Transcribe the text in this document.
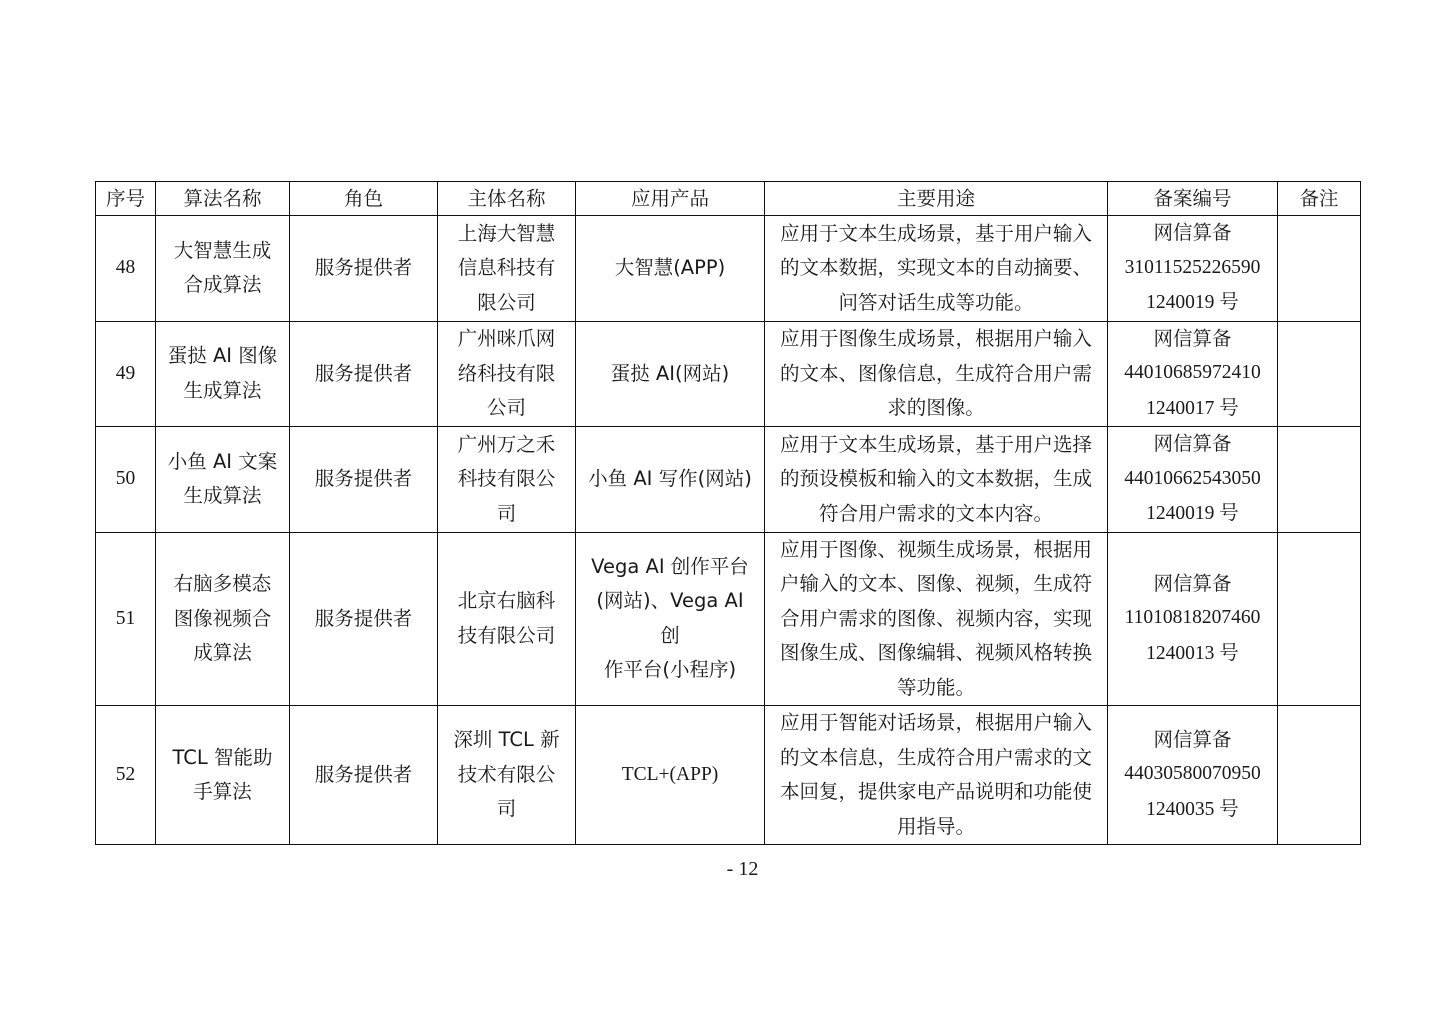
序号	算法名称	角色	主体名称	应用产品	主要用途	备案编号	备注
48	大智慧生成
合成算法	服务提供者	上海大智慧
信息科技有
限公司	大智慧(APP)	应用于文本生成场景，基于用户输入
的文本数据，实现文本的自动摘要、
问答对话生成等功能。	网信算备
31011525226590
1240019 号	

49	蛋挞 AI 图像
生成算法	服务提供者	广州咪爪网
络科技有限
公司	蛋挞 AI(网站)	应用于图像生成场景，根据用户输入
的文本、图像信息，生成符合用户需
求的图像。	网信算备
44010685972410
1240017 号	

50	小鱼 AI 文案
生成算法	服务提供者	广州万之禾
科技有限公
司	小鱼 AI 写作(网站)	应用于文本生成场景，基于用户选择
的预设模板和输入的文本数据，生成
符合用户需求的文本内容。	网信算备
44010662543050
1240019 号	

51	右脑多模态
图像视频合
成算法	服务提供者	北京右脑科
技有限公司	Vega AI 创作平台
(网站)、Vega AI 创
作平台(小程序)	应用于图像、视频生成场景，根据用
户输入的文本、图像、视频，生成符
合用户需求的图像、视频内容，实现
图像生成、图像编辑、视频风格转换
等功能。	网信算备
11010818207460
1240013 号	

52	TCL 智能助
手算法	服务提供者	深圳 TCL 新
技术有限公
司	TCL+(APP)	应用于智能对话场景，根据用户输入
的文本信息，生成符合用户需求的文
本回复，提供家电产品说明和功能使
用指导。	网信算备
44030580070950
1240035 号	

- 12
